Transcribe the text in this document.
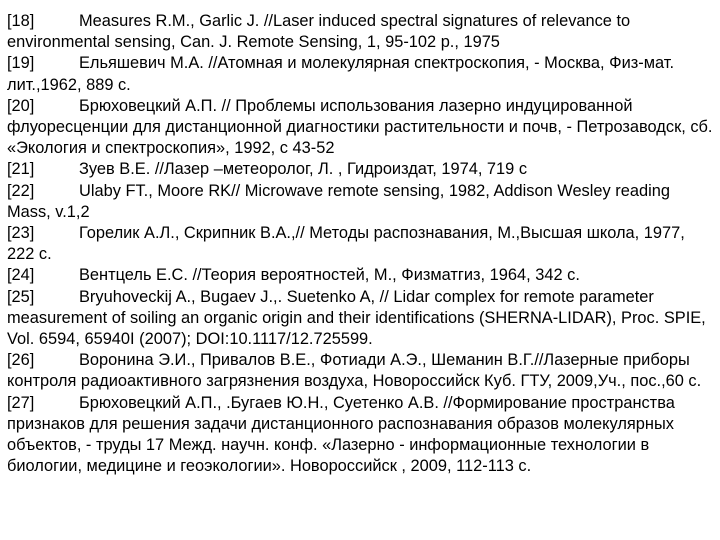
[18]	Measures R.M., Garlic J. //Laser induced spectral signatures of relevance to environmental sensing, Can. J. Remote Sensing, 1, 95-102 p., 1975

[19]	Ельяшевич М.А. //Атомная и молекулярная спектроскопия, - Москва, Физ-мат. лит.,1962, 889 с.

[20]	Брюховецкий А.П. // Проблемы использования лазерно индуцированной флуоресценции для дистанционной диагностики растительности и почв, - Петрозаводск, сб. «Экология и спектроскопия», 1992, с 43-52

[21]	Зуев В.Е. //Лазер –метеоролог, Л. , Гидроиздат, 1974, 719 с

[22]	Ulaby FT., Moore RK// Microwave remote sensing, 1982, Addison Wesley reading Mass, v.1,2

[23]	Горелик А.Л., Скрипник В.А.,// Методы распознавания, М.,Высшая школа, 1977, 222 с.

[24]	Вентцель Е.С. //Теория вероятностей, М., Физматгиз, 1964, 342 с.

[25]	Bryuhoveckij A., Bugaev J.,. Suetenko A, // Lidar complex for remote parameter measurement of soiling an organic origin and their identifications (SHERNA-LIDAR), Proc. SPIE, Vol. 6594, 65940I (2007); DOI:10.1117/12.725599.

[26]	Воронина Э.И., Привалов В.Е., Фотиади А.Э., Шеманин В.Г.//Лазерные приборы контроля радиоактивного загрязнения воздуха, Новороссийск Куб. ГТУ, 2009,Уч., пос.,60 с.

[27]	Брюховецкий А.П., .Бугаев Ю.Н., Суетенко А.В. //Формирование пространства признаков для решения задачи дистанционного распознавания образов молекулярных объектов, - труды 17 Межд. научн. конф. «Лазерно - информационные технологии в биологии, медицине и геоэкологии». Новороссийск , 2009, 112-113 с.
